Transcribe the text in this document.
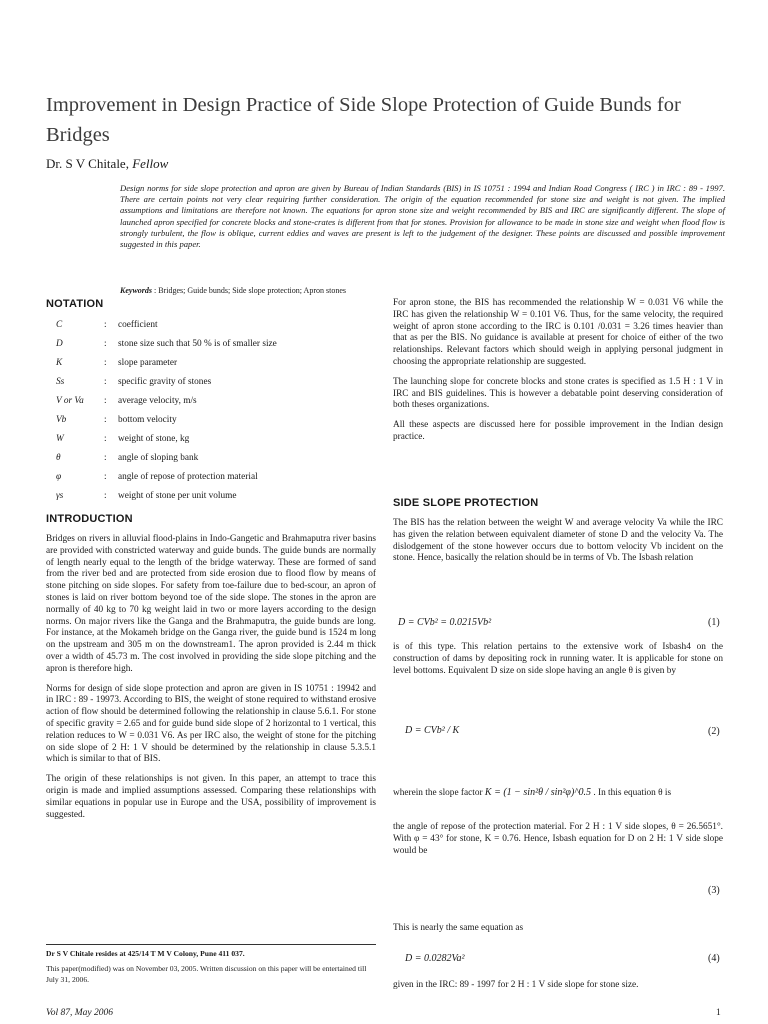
Improvement in Design Practice of Side Slope Protection of Guide Bunds for Bridges
Dr. S V Chitale, Fellow
Design norms for side slope protection and apron are given by Bureau of Indian Standards (BIS) in IS 10751 : 1994 and Indian Road Congress ( IRC ) in IRC : 89 - 1997. There are certain points not very clear requiring further consideration. The origin of the equation recommended for stone size and weight is not given. The implied assumptions and limitations are therefore not known. The equations for apron stone size and weight recommended by BIS and IRC are significantly different. The slope of launched apron specified for concrete blocks and stone-crates is different from that for stones. Provision for allowance to be made in stone size and weight when flood flow is strongly turbulent, the flow is oblique, current eddies and waves are present is left to the judgement of the designer. These points are discussed and possible improvement suggested in this paper.
Keywords : Bridges; Guide bunds; Side slope protection; Apron stones
NOTATION
C	: coefficient
D	: stone size such that 50 % is of smaller size
K	: slope parameter
Ss	: specific gravity of stones
V or Va : average velocity, m/s
Vb	: bottom velocity
W	: weight of stone, kg
θ	: angle of sloping bank
φ	: angle of repose of protection material
γs	: weight of stone per unit volume
INTRODUCTION

Bridges on rivers in alluvial flood-plains in Indo-Gangetic and Brahmaputra river basins are provided with constricted waterway and guide bunds. The guide bunds are normally of length nearly equal to the length of the bridge waterway. These are formed of sand from the river bed and are protected from side erosion due to flood flow by means of stone pitching on side slopes. For safety from toe-failure due to bed-scour, an apron of stones is laid on river bottom beyond toe of the side slope. The stones in the apron are normally of 40 kg to 70 kg weight laid in two or more layers according to the design norms. On major rivers like the Ganga and the Brahmaputra, the guide bunds are long. For instance, at the Mokameh bridge on the Ganga river, the guide bund is 1524 m long on the upstream and 305 m on the downstream1. The apron provided is 2.44 m thick over a width of 45.73 m. The cost involved in providing the side slope pitching and the apron is therefore high.

Norms for design of side slope protection and apron are given in IS 10751 : 19942 and in IRC : 89 - 19973. According to BIS, the weight of stone required to withstand erosive action of flow should be determined following the relationship in clause 5.6.1. For stone of specific gravity = 2.65 and for guide bund side slope of 2 horizontal to 1 vertical, this relation reduces to W = 0.031 V6. As per IRC also, the weight of stone for the pitching on side slope of 2 H: 1 V should be determined by the relationship in clause 5.3.5.1 which is similar to that of BIS.

The origin of these relationships is not given. In this paper, an attempt to trace this origin is made and implied assumptions assessed. Comparing these relationships with similar equations in popular use in Europe and the USA, possibility of improvement is suggested.

Dr S V Chitale resides at 425/14 T M V Colony, Pune 411 037.
This paper(modified) was on November 03, 2005. Written discussion on this paper will be entertained till July 31, 2006.

For apron stone, the BIS has recommended the relationship W = 0.031 V6 while the IRC has given the relationship W = 0.101 V6. Thus, for the same velocity, the required weight of apron stone according to the IRC is 0.101 /0.031 = 3.26 times heavier than that as per the BIS. No guidance is available at present for choice of either of the two relationships. Relevant factors which should weigh in applying personal judgment in choosing the appropriate relationship are suggested.

The launching slope for concrete blocks and stone crates is specified as 1.5 H : 1 V in IRC and BIS guidelines. This is however a debatable point deserving consideration of both theses organizations.

All these aspects are discussed here for possible improvement in the Indian design practice.

SIDE SLOPE PROTECTION
The BIS has the relation between the weight W and average velocity Va while the IRC has given the relation between equivalent diameter of stone D and the velocity Va. The dislodgement of the stone however occurs due to bottom velocity Vb incident on the stone. Hence, basically the relation should be in terms of Vb. The Isbash relation
D = CVb² = 0.0215Vb²	(1)
is of this type. This relation pertains to the extensive work of Isbash4 on the construction of dams by depositing rock in running water. It is applicable for stone on level bottoms. Equivalent D size on side slope having an angle θ is given by
D = CVb² / K	(2)
wherein the slope factor K = (1 − sin²θ / sin²φ)^0.5 . In this equation θ is
the angle of repose of the protection material. For 2 H : 1 V side slopes, θ = 26.5651°. With φ = 43° for stone, K = 0.76. Hence, Isbash equation for D on 2 H: 1 V side slope would be
(3)
This is nearly the same equation as
D = 0.0282Va²	(4)
given in the IRC: 89 - 1997 for 2 H : 1 V side slope for stone size.
Vol 87, May 2006	1
